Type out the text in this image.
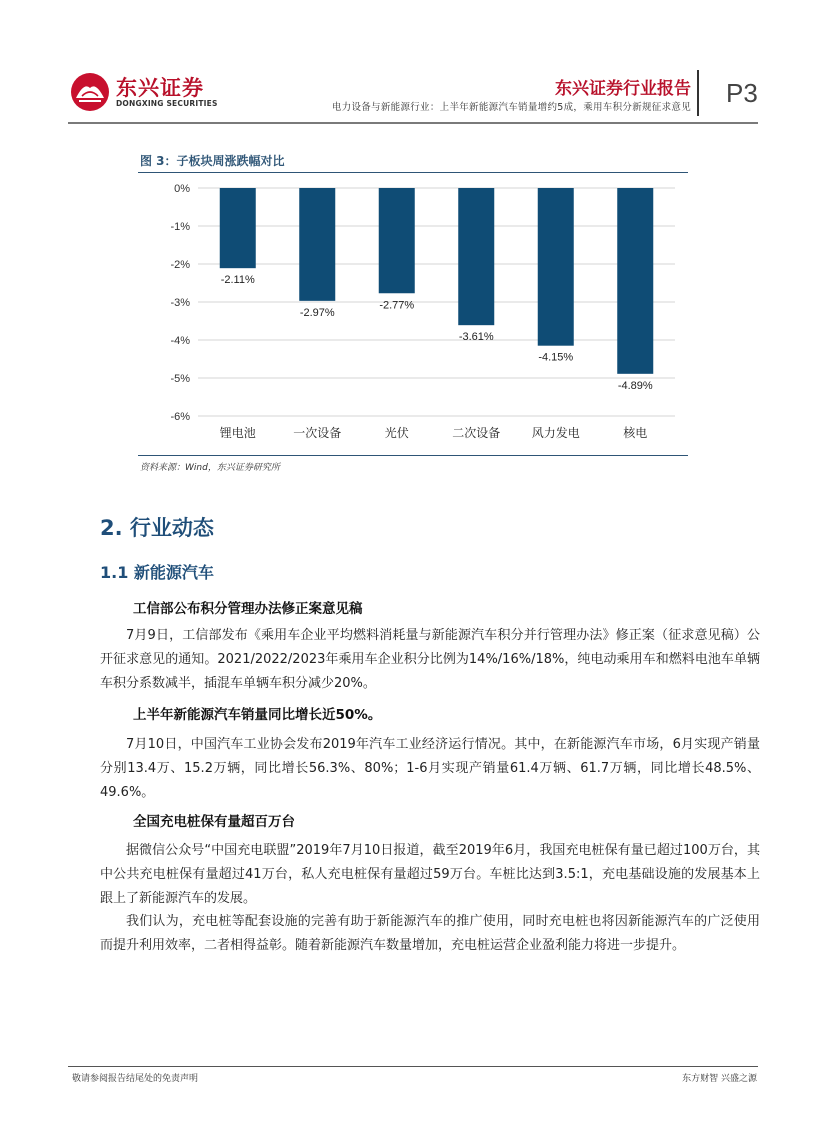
东兴证券
DONGXING SECURITIES
东兴证券行业报告
电力设备与新能源行业：上半年新能源汽车销量增约5成，乘用车积分新规征求意见 P3
图 3：子板块周涨跌幅对比
0%
-1%
-2%
-3%
-4%
-5%
-6%
-2.11%
锂电池
-2.97%
一次设备
-2.77%
光伏
-3.61%
二次设备
-4.15%
风力发电
-4.89%
核电
资料来源：Wind，东兴证券研究所
2. 行业动态
1.1 新能源汽车
工信部公布积分管理办法修正案意见稿
7月9日，工信部发布《乘用车企业平均燃料消耗量与新能源汽车积分并行管理办法》修正案（征求意见稿）公开征求意见的通知。2021/2022/2023年乘用车企业积分比例为14%/16%/18%，纯电动乘用车和燃料电池车单辆车积分系数减半，插混车单辆车积分减少20%。
上半年新能源汽车销量同比增长近50%。
7月10日，中国汽车工业协会发布2019年汽车工业经济运行情况。其中，在新能源汽车市场，6月实现产销量分别13.4万、15.2万辆，同比增长56.3%、80%；1-6月实现产销量61.4万辆、61.7万辆，同比增长48.5%、49.6%。
全国充电桩保有量超百万台
据微信公众号“中国充电联盟”2019年7月10日报道，截至2019年6月，我国充电桩保有量已超过100万台，其中公共充电桩保有量超过41万台，私人充电桩保有量超过59万台。车桩比达到3.5:1，充电基础设施的发展基本上跟上了新能源汽车的发展。
我们认为，充电桩等配套设施的完善有助于新能源汽车的推广使用，同时充电桩也将因新能源汽车的广泛使用而提升利用效率，二者相得益彰。随着新能源汽车数量增加，充电桩运营企业盈利能力将进一步提升。
敬请参阅报告结尾处的免责声明	东方财智 兴盛之源
